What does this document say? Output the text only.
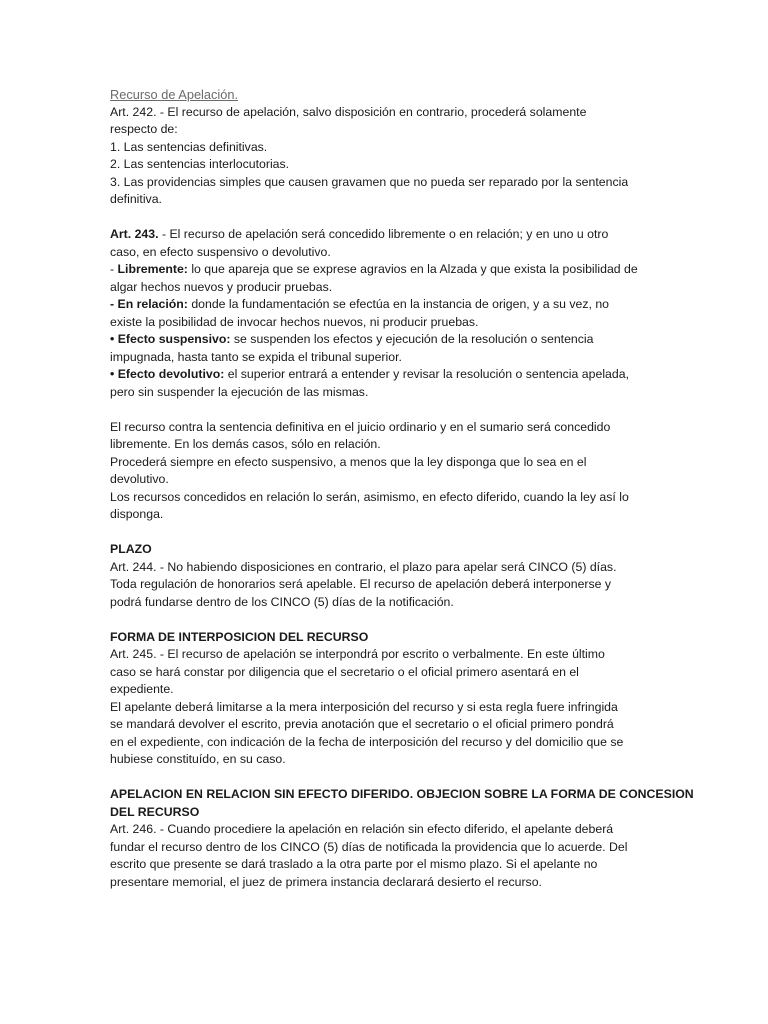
Recurso de Apelación.
Art. 242. - El recurso de apelación, salvo disposición en contrario, procederá solamente
respecto de:
1. Las sentencias definitivas.
2. Las sentencias interlocutorias.
3. Las providencias simples que causen gravamen que no pueda ser reparado por la sentencia
definitiva.
Art. 243. - El recurso de apelación será concedido libremente o en relación; y en uno u otro
caso, en efecto suspensivo o devolutivo.
- Libremente: lo que apareja que se exprese agravios en la Alzada y que exista la posibilidad de
algar hechos nuevos y producir pruebas.
- En relación: donde la fundamentación se efectúa en la instancia de origen, y a su vez, no
existe la posibilidad de invocar hechos nuevos, ni producir pruebas.
• Efecto suspensivo: se suspenden los efectos y ejecución de la resolución o sentencia
impugnada, hasta tanto se expida el tribunal superior.
• Efecto devolutivo: el superior entrará a entender y revisar la resolución o sentencia apelada,
pero sin suspender la ejecución de las mismas.
El recurso contra la sentencia definitiva en el juicio ordinario y en el sumario será concedido
libremente. En los demás casos, sólo en relación.
Procederá siempre en efecto suspensivo, a menos que la ley disponga que lo sea en el
devolutivo.
Los recursos concedidos en relación lo serán, asimismo, en efecto diferido, cuando la ley así lo
disponga.
PLAZO
Art. 244. - No habiendo disposiciones en contrario, el plazo para apelar será CINCO (5) días.
Toda regulación de honorarios será apelable. El recurso de apelación deberá interponerse y
podrá fundarse dentro de los CINCO (5) días de la notificación.
FORMA DE INTERPOSICION DEL RECURSO
Art. 245. - El recurso de apelación se interpondrá por escrito o verbalmente. En este último
caso se hará constar por diligencia que el secretario o el oficial primero asentará en el
expediente.
El apelante deberá limitarse a la mera interposición del recurso y si esta regla fuere infringida
se mandará devolver el escrito, previa anotación que el secretario o el oficial primero pondrá
en el expediente, con indicación de la fecha de interposición del recurso y del domicilio que se
hubiese constituído, en su caso.
APELACION EN RELACION SIN EFECTO DIFERIDO. OBJECION SOBRE LA FORMA DE CONCESION
DEL RECURSO
Art. 246. - Cuando procediere la apelación en relación sin efecto diferido, el apelante deberá
fundar el recurso dentro de los CINCO (5) días de notificada la providencia que lo acuerde. Del
escrito que presente se dará traslado a la otra parte por el mismo plazo. Si el apelante no
presentare memorial, el juez de primera instancia declarará desierto el recurso.
